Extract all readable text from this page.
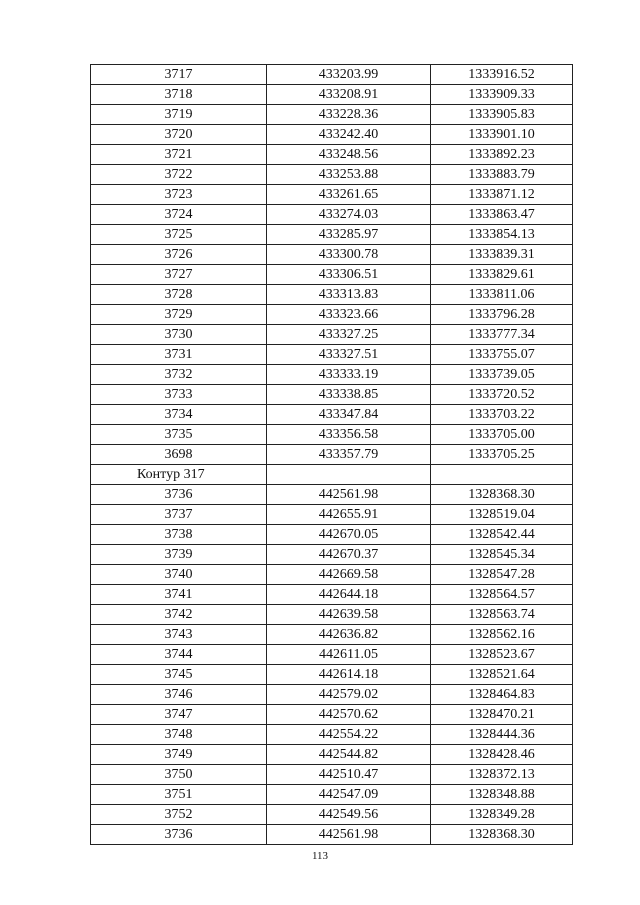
3717	433203.99	1333916.52
3718	433208.91	1333909.33
3719	433228.36	1333905.83
3720	433242.40	1333901.10
3721	433248.56	1333892.23
3722	433253.88	1333883.79
3723	433261.65	1333871.12
3724	433274.03	1333863.47
3725	433285.97	1333854.13
3726	433300.78	1333839.31
3727	433306.51	1333829.61
3728	433313.83	1333811.06
3729	433323.66	1333796.28
3730	433327.25	1333777.34
3731	433327.51	1333755.07
3732	433333.19	1333739.05
3733	433338.85	1333720.52
3734	433347.84	1333703.22
3735	433356.58	1333705.00
3698	433357.79	1333705.25
Контур 317		
3736	442561.98	1328368.30
3737	442655.91	1328519.04
3738	442670.05	1328542.44
3739	442670.37	1328545.34
3740	442669.58	1328547.28
3741	442644.18	1328564.57
3742	442639.58	1328563.74
3743	442636.82	1328562.16
3744	442611.05	1328523.67
3745	442614.18	1328521.64
3746	442579.02	1328464.83
3747	442570.62	1328470.21
3748	442554.22	1328444.36
3749	442544.82	1328428.46
3750	442510.47	1328372.13
3751	442547.09	1328348.88
3752	442549.56	1328349.28
3736	442561.98	1328368.30
113
